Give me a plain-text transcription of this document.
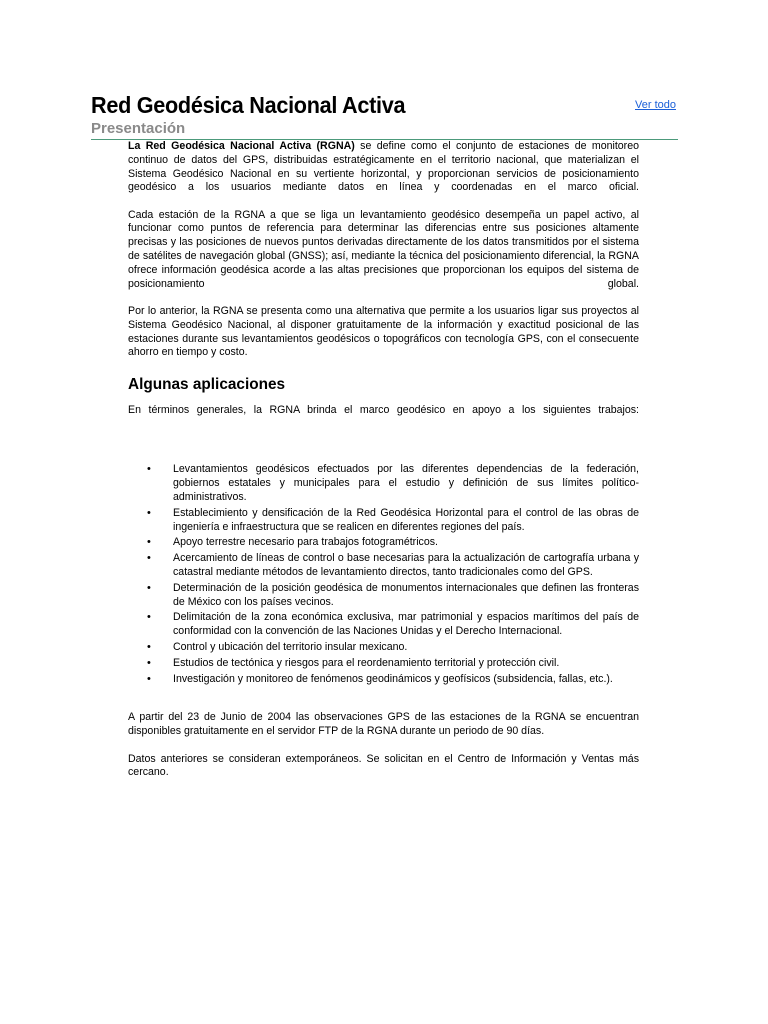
Red Geodésica Nacional Activa	Ver todo
Presentación

La Red Geodésica Nacional Activa (RGNA) se define como el conjunto de estaciones de monitoreo continuo de datos del GPS, distribuidas estratégicamente en el territorio nacional, que materializan el Sistema Geodésico Nacional en su vertiente horizontal, y proporcionan servicios de posicionamiento geodésico a los usuarios mediante datos en línea y coordenadas en el marco oficial.

Cada estación de la RGNA a que se liga un levantamiento geodésico desempeña un papel activo, al funcionar como puntos de referencia para determinar las diferencias entre sus posiciones altamente precisas y las posiciones de nuevos puntos derivadas directamente de los datos transmitidos por el sistema de satélites de navegación global (GNSS); así, mediante la técnica del posicionamiento diferencial, la RGNA ofrece información geodésica acorde a las altas precisiones que proporcionan los equipos del sistema de posicionamiento global.

Por lo anterior, la RGNA se presenta como una alternativa que permite a los usuarios ligar sus proyectos al Sistema Geodésico Nacional, al disponer gratuitamente de la información y exactitud posicional de las estaciones durante sus levantamientos geodésicos o topográficos con tecnología GPS, con el consecuente ahorro en tiempo y costo.

Algunas aplicaciones

En términos generales, la RGNA brinda el marco geodésico en apoyo a los siguientes trabajos:

• Levantamientos geodésicos efectuados por las diferentes dependencias de la federación, gobiernos estatales y municipales para el estudio y definición de sus límites político-administrativos.
• Establecimiento y densificación de la Red Geodésica Horizontal para el control de las obras de ingeniería e infraestructura que se realicen en diferentes regiones del país.
• Apoyo terrestre necesario para trabajos fotogramétricos.
• Acercamiento de líneas de control o base necesarias para la actualización de cartografía urbana y catastral mediante métodos de levantamiento directos, tanto tradicionales como del GPS.
• Determinación de la posición geodésica de monumentos internacionales que definen las fronteras de México con los países vecinos.
• Delimitación de la zona económica exclusiva, mar patrimonial y espacios marítimos del país de conformidad con la convención de las Naciones Unidas y el Derecho Internacional.
• Control y ubicación del territorio insular mexicano.
• Estudios de tectónica y riesgos para el reordenamiento territorial y protección civil.
• Investigación y monitoreo de fenómenos geodinámicos y geofísicos (subsidencia, fallas, etc.).

A partir del 23 de Junio de 2004 las observaciones GPS de las estaciones de la RGNA se encuentran disponibles gratuitamente en el servidor FTP de la RGNA durante un periodo de 90 días.

Datos anteriores se consideran extemporáneos. Se solicitan en el Centro de Información y Ventas más cercano.
